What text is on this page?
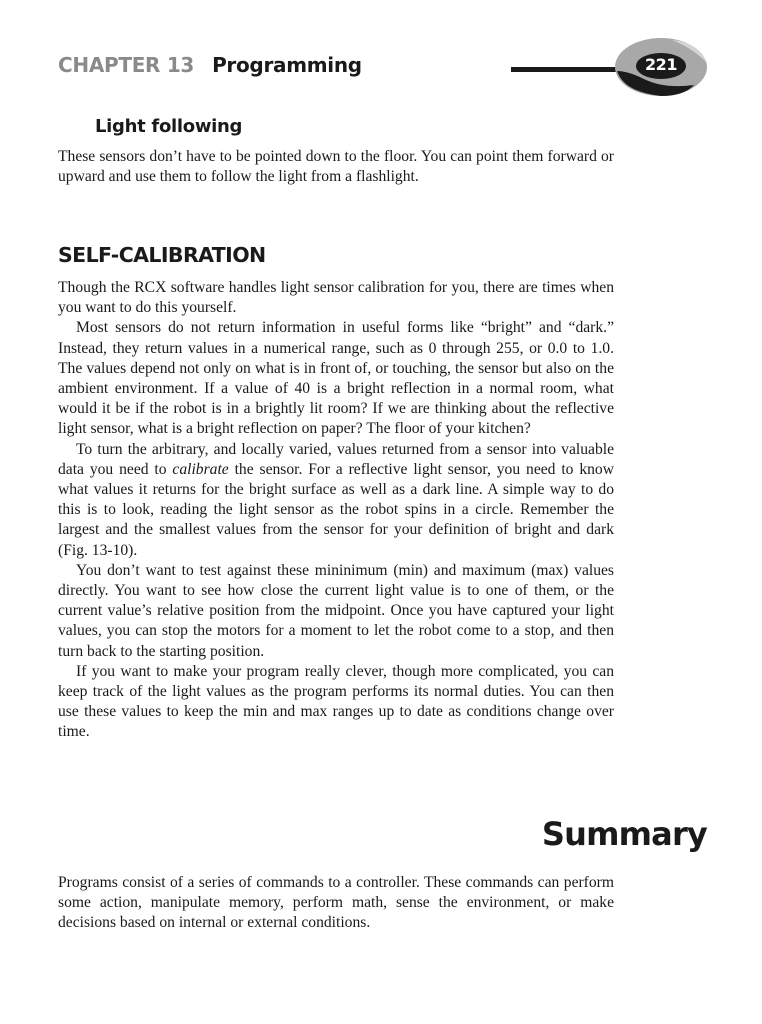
CHAPTER 13 Programming	221
Light following

These sensors don’t have to be pointed down to the floor. You can point them forward or upward and use them to follow the light from a flashlight.

SELF-CALIBRATION

Though the RCX software handles light sensor calibration for you, there are times when you want to do this yourself.

Most sensors do not return information in useful forms like “bright” and “dark.” Instead, they return values in a numerical range, such as 0 through 255, or 0.0 to 1.0. The values depend not only on what is in front of, or touching, the sensor but also on the ambient environment. If a value of 40 is a bright reflection in a normal room, what would it be if the robot is in a brightly lit room? If we are thinking about the reflective light sensor, what is a bright reflection on paper? The floor of your kitchen?

To turn the arbitrary, and locally varied, values returned from a sensor into valuable data you need to calibrate the sensor. For a reflective light sensor, you need to know what values it returns for the bright surface as well as a dark line. A simple way to do this is to look, reading the light sensor as the robot spins in a circle. Remember the largest and the smallest values from the sensor for your definition of bright and dark (Fig. 13-10).

You don’t want to test against these mininimum (min) and maximum (max) values directly. You want to see how close the current light value is to one of them, or the current value’s relative position from the midpoint. Once you have captured your light values, you can stop the motors for a moment to let the robot come to a stop, and then turn back to the starting position.

If you want to make your program really clever, though more complicated, you can keep track of the light values as the program performs its normal duties. You can then use these values to keep the min and max ranges up to date as conditions change over time.

Summary

Programs consist of a series of commands to a controller. These commands can perform some action, manipulate memory, perform math, sense the environment, or make decisions based on internal or external conditions.
